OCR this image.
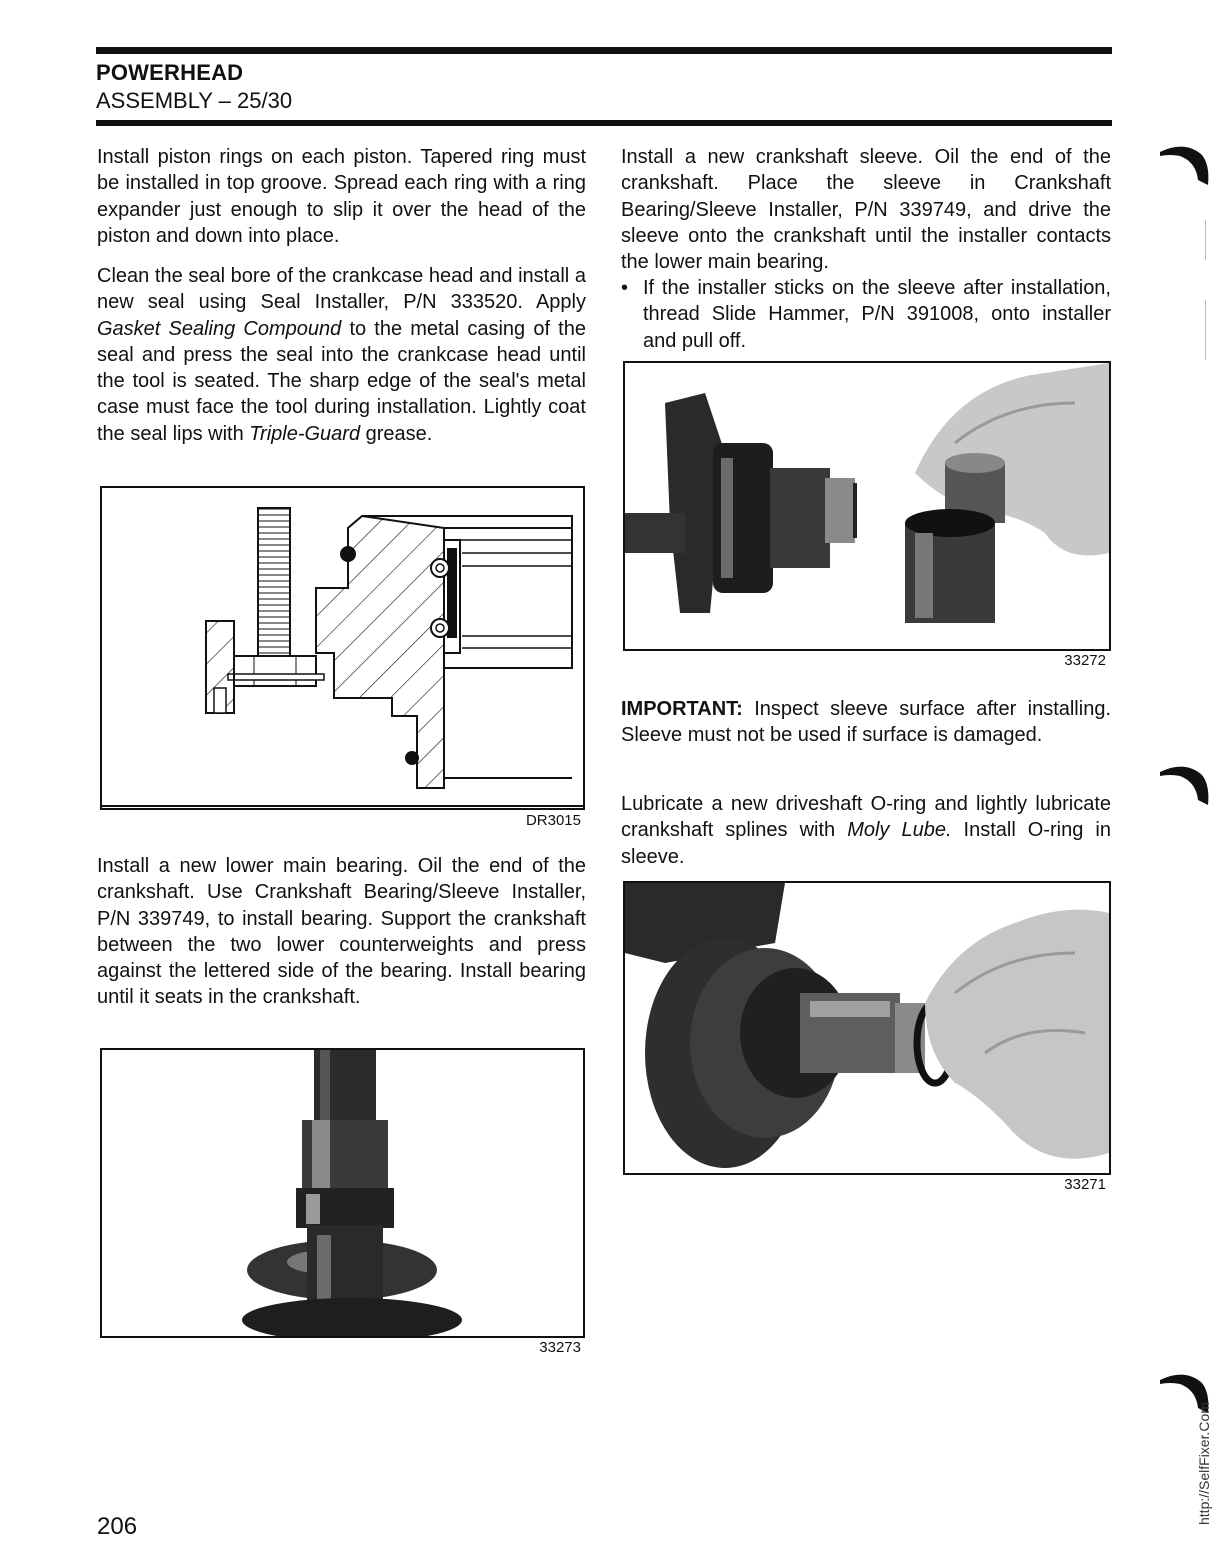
POWERHEAD
ASSEMBLY – 25/30

Install piston rings on each piston. Tapered ring must be installed in top groove. Spread each ring with a ring expander just enough to slip it over the head of the piston and down into place.

Clean the seal bore of the crankcase head and install a new seal using Seal Installer, P/N 333520. Apply Gasket Sealing Compound to the metal casing of the seal and press the seal into the crankcase head until the tool is seated. The sharp edge of the seal's metal case must face the tool during installation. Lightly coat the seal lips with Triple-Guard grease.

DR3015

Install a new lower main bearing. Oil the end of the crankshaft. Use Crankshaft Bearing/Sleeve Installer, P/N 339749, to install bearing. Support the crankshaft between the two lower counterweights and press against the lettered side of the bearing. Install bearing until it seats in the crankshaft.

33273

Install a new crankshaft sleeve. Oil the end of the crankshaft. Place the sleeve in Crankshaft Bearing/Sleeve Installer, P/N 339749, and drive the sleeve onto the crankshaft until the installer contacts the lower main bearing.

• If the installer sticks on the sleeve after installation, thread Slide Hammer, P/N 391008, onto installer and pull off.
33272

IMPORTANT: Inspect sleeve surface after installing. Sleeve must not be used if surface is damaged.

Lubricate a new driveshaft O-ring and lightly lubricate crankshaft splines with Moly Lube. Install O-ring in sleeve.

33271
206
http://SelfFixer.Com
